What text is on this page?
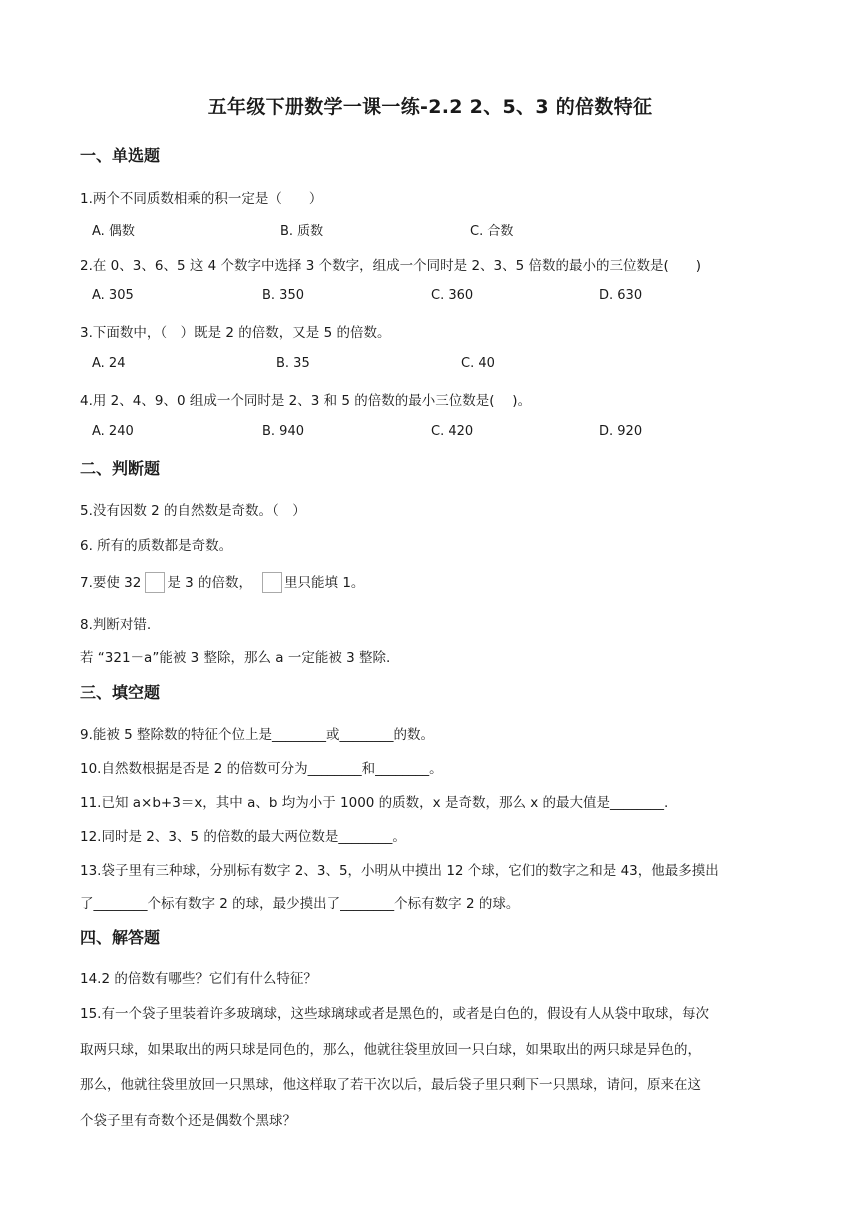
五年级下册数学一课一练-2.2 2、5、3 的倍数特征
一、单选题
1.两个不同质数相乘的积一定是（　　）
A. 偶数	B. 质数	C. 合数
2.在 0、3、6、5 这 4 个数字中选择 3 个数字，组成一个同时是 2、3、5 倍数的最小的三位数是(　　)
A. 305	B. 350	C. 360	D. 630
3.下面数中，（　）既是 2 的倍数，又是 5 的倍数。
A. 24	B. 35	C. 40
4.用 2、4、9、0 组成一个同时是 2、3 和 5 的倍数的最小三位数是(　 )。
A. 240	B. 940	C. 420	D. 920
二、判断题
5.没有因数 2 的自然数是奇数。（　）
6. 所有的质数都是奇数。
7.要使 32 是 3 的倍数， 里只能填 1。
8.判断对错.
若 “321－a”能被 3 整除，那么 a 一定能被 3 整除.
三、填空题
9.能被 5 整除数的特征个位上是________或________的数。
10.自然数根据是否是 2 的倍数可分为________和________。
11.已知 a×b+3＝x，其中 a、b 均为小于 1000 的质数，x 是奇数，那么 x 的最大值是________.
12.同时是 2、3、5 的倍数的最大两位数是________。
13.袋子里有三种球，分别标有数字 2、3、5，小明从中摸出 12 个球，它们的数字之和是 43，他最多摸出
了________个标有数字 2 的球，最少摸出了________个标有数字 2 的球。
四、解答题
14.2 的倍数有哪些？它们有什么特征？
15.有一个袋子里装着许多玻璃球，这些球璃球或者是黑色的，或者是白色的，假设有人从袋中取球，每次
取两只球，如果取出的两只球是同色的，那么，他就往袋里放回一只白球，如果取出的两只球是异色的，
那么，他就往袋里放回一只黑球，他这样取了若干次以后，最后袋子里只剩下一只黑球，请问，原来在这
个袋子里有奇数个还是偶数个黑球？
